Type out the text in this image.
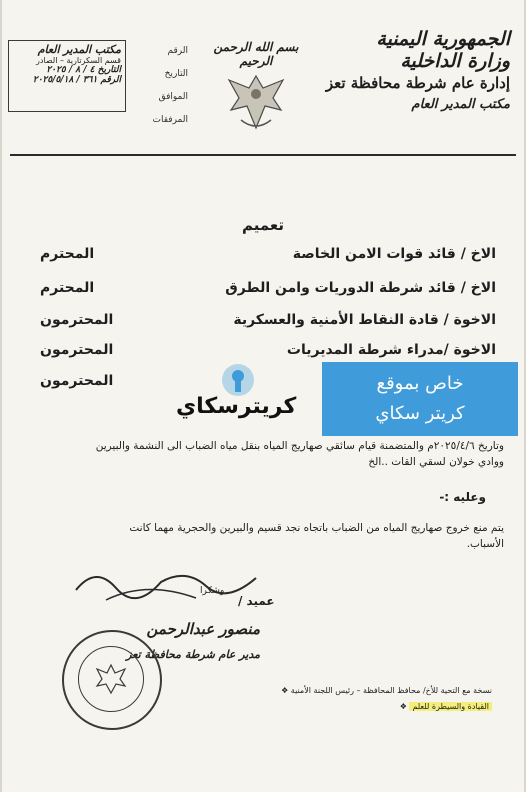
الجمهورية اليمنية
وزارة الداخلية
إدارة عام شرطة محافظة تعز
مكتب المدير العام
بسم الله الرحمن الرحيم
الرقم
التاريخ
الموافق
المرفقات
مكتب المدير العام
قسم السكرتارية – الصادر
التاريخ ٤ / ٨ / ٢٠٢٥
الرقم ٣٦١ / ٢٠٢٥/٥/١٨
تعميم
الاخ / قائد قوات الامن الخاصة
المحترم
الاخ / قائد شرطة الدوريات وامن الطرق
المحترم
الاخوة / قادة النقاط الأمنية والعسكرية
المحترمون
الاخوة /مدراء شرطة المديريات
المحترمون
المحترمون
وتاريخ ٢٠٢٥/٤/٦م والمتضمنة قيام سائقي صهاريج المياه بنقل مياه الضباب الى النشمة والبيرين
ووادي خولان لسقي القات ..الخ
وعليه :-
يتم منع خروج صهاريج المياه من الضباب باتجاه نجد قسيم والبيرين والحجرية مهما كانت
الأسباب.
وشكرا
عميد /
منصور عبدالرحمن
مدير عام شرطة محافظة تعز
نسخة مع التحية للأخ/ محافظ المحافظة – رئيس اللجنة الأمنية ❖
القيادة والسيطرة للعلم ❖
خاص بموقع
كريتر سكاي
كريترسكاي
